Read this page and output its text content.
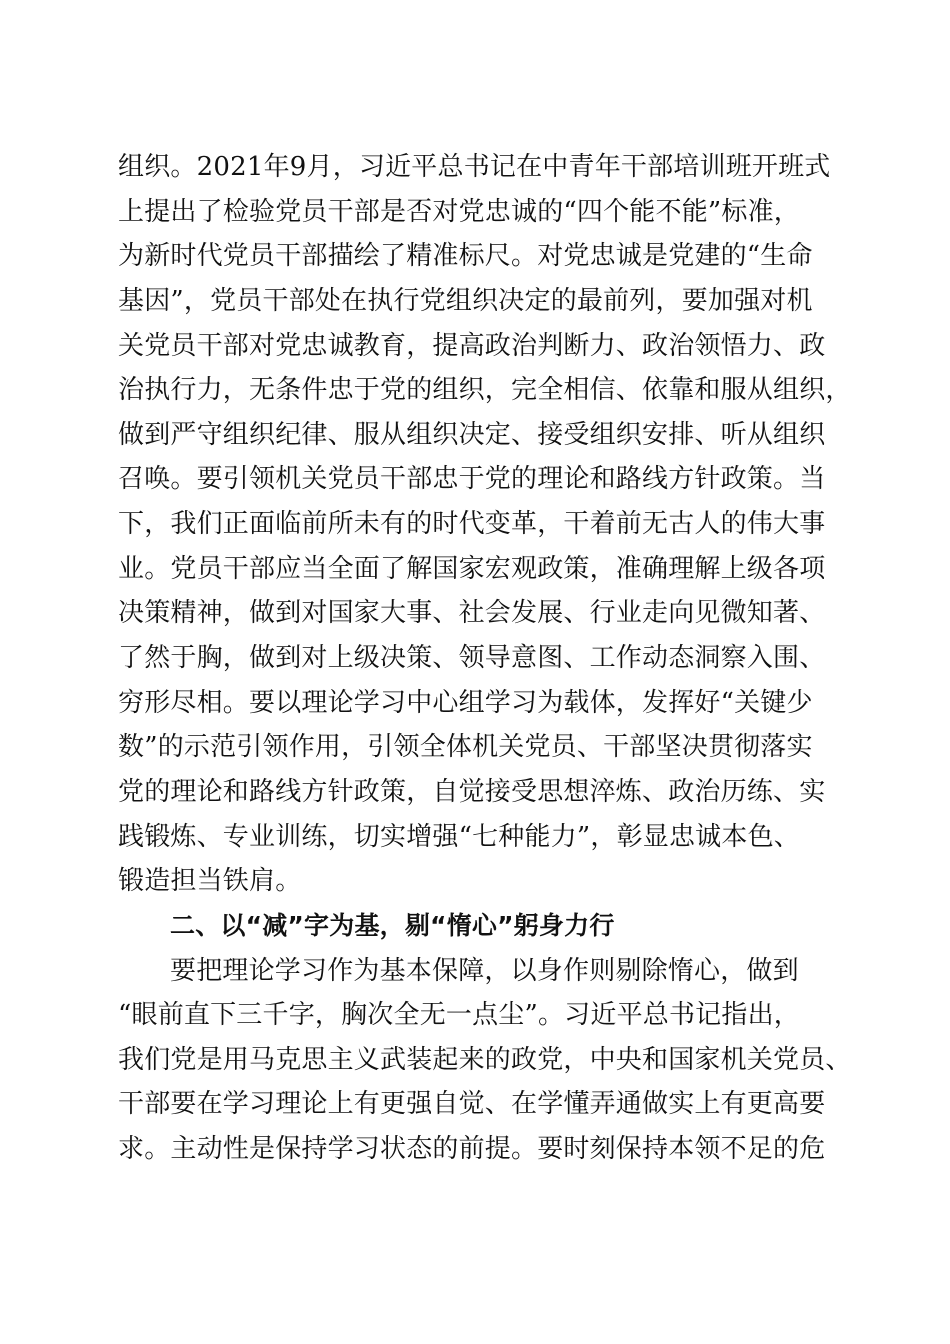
组织。2021年9月，习近平总书记在中青年干部培训班开班式
上提出了检验党员干部是否对党忠诚的“四个能不能”标准，
为新时代党员干部描绘了精准标尺。对党忠诚是党建的“生命
基因”，党员干部处在执行党组织决定的最前列，要加强对机
关党员干部对党忠诚教育，提高政治判断力、政治领悟力、政
治执行力，无条件忠于党的组织，完全相信、依靠和服从组织，
做到严守组织纪律、服从组织决定、接受组织安排、听从组织
召唤。要引领机关党员干部忠于党的理论和路线方针政策。当
下，我们正面临前所未有的时代变革，干着前无古人的伟大事
业。党员干部应当全面了解国家宏观政策，准确理解上级各项
决策精神，做到对国家大事、社会发展、行业走向见微知著、
了然于胸，做到对上级决策、领导意图、工作动态洞察入围、
穷形尽相。要以理论学习中心组学习为载体，发挥好“关键少
数”的示范引领作用，引领全体机关党员、干部坚决贯彻落实
党的理论和路线方针政策，自觉接受思想淬炼、政治历练、实
践锻炼、专业训练，切实增强“七种能力”，彰显忠诚本色、
锻造担当铁肩。
二、以“减”字为基，剔“惰心”躬身力行
要把理论学习作为基本保障，以身作则剔除惰心，做到
“眼前直下三千字，胸次全无一点尘”。习近平总书记指出，
我们党是用马克思主义武装起来的政党，中央和国家机关党员、
干部要在学习理论上有更强自觉、在学懂弄通做实上有更高要
求。主动性是保持学习状态的前提。要时刻保持本领不足的危
